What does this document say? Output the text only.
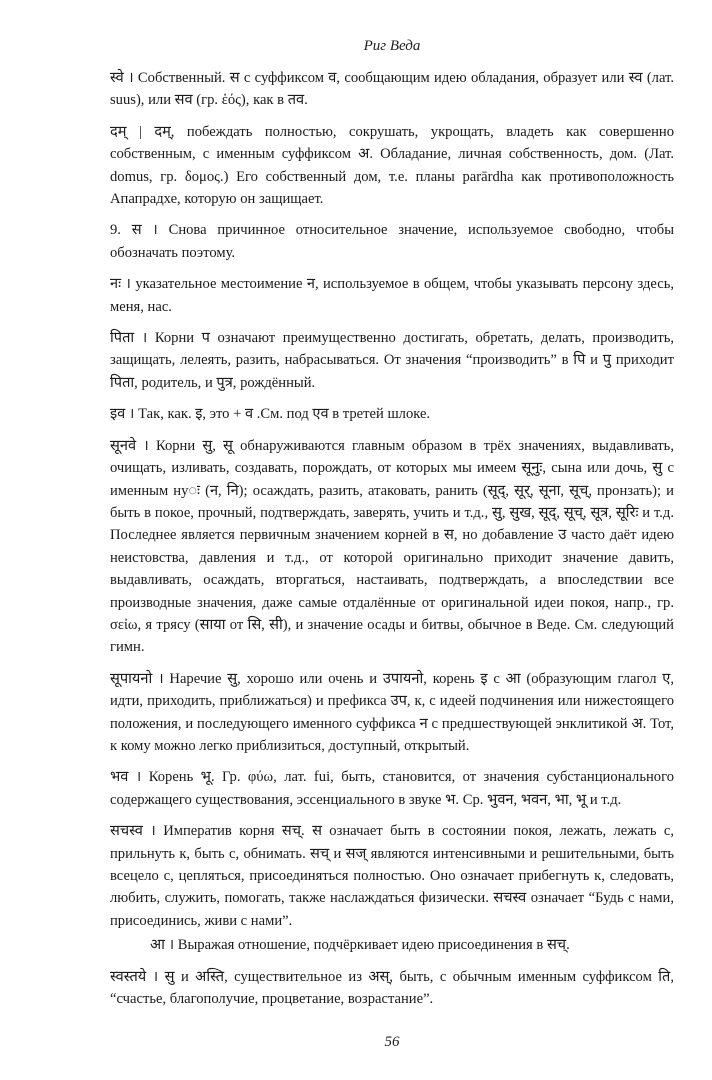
Риг Веда

स्वे । Собственный. स с суффиксом व, сообщающим идею обладания, образует или स्व (лат. suus), или सव (гр. ἑός), как в तव.

दम् | दम्, побеждать полностью, сокрушать, укрощать, владеть как совершенно собственным, с именным суффиксом अ. Обладание, личная собственность, дом. (Лат. domus, гр. δομος.) Его собственный дом, т.е. планы parārdha как противоположность Апапрадхе, которую он защищает.

9. स । Снова причинное относительное значение, используемое свободно, чтобы обозначать поэтому.

नः । указательное местоимение न, используемое в общем, чтобы указывать персону здесь, меня, нас.

पिता । Корни प означают преимущественно достигать, обретать, делать, производить, защищать, лелеять, разить, набрасываться. От значения “производить” в पि и पु приходит पिता, родитель, и पुत्र, рождённый.

इव । Так, как. इ, это + व .См. под एव в третей шлоке.

सूनवे । Корни सु, सू обнаруживаются главным образом в трёх значениях, выдавливать, очищать, изливать, создавать, порождать, от которых мы имеем सूनुः, сына или дочь, सु с именным нуः (न, नि); осаждать, разить, атаковать, ранить (सूद्, सूर्, सूना, सूच्, пронзать); и быть в покое, прочный, подтверждать, заверять, учить и т.д., सु, सुख, सूद्, सूच्, सूत्र, सूरिः и т.д. Последнее является первичным значением корней в स, но добавление उ часто даёт идею неистовства, давления и т.д., от которой оригинально приходит значение давить, выдавливать, осаждать, вторгаться, настаивать, подтверждать, а впоследствии все производные значения, даже самые отдалённые от оригинальной идеи покоя, напр., гр. σεἰω, я трясу (साया от सि, सी), и значение осады и битвы, обычное в Веде. См. следующий гимн.

सूपायनो । Наречие सु, хорошо или очень и उपायनो, корень इ с आ (образующим глагол ए, идти, приходить, приближаться) и префикса उप, к, с идеей подчинения или нижестоящего положения, и последующего именного суффикса न с предшествующей энклитикой अ. Тот, к кому можно легко приблизиться, доступный, открытый.

भव । Корень भू. Гр. φύω, лат. fui, быть, становится, от значения субстанционального содержащего существования, эссенциального в звуке भ. Ср. भुवन, भवन, भा, भू и т.д.

सचस्व । Императив корня सच्. स означает быть в состоянии покоя, лежать, лежать с, прильнуть к, быть с, обнимать. सच् и सज् являются интенсивными и решительными, быть всецело с, цепляться, присоединяться полностью. Оно означает прибегнуть к, следовать, любить, служить, помогать, также наслаждаться физически. सचस्व означает “Будь с нами, присоединись, живи с нами”.

आ । Выражая отношение, подчёркивает идею присоединения в सच्.

स्वस्तये । सु и अस्ति, существительное из अस्, быть, с обычным именным суффиксом ति, “счастье, благополучие, процветание, возрастание”.

56
